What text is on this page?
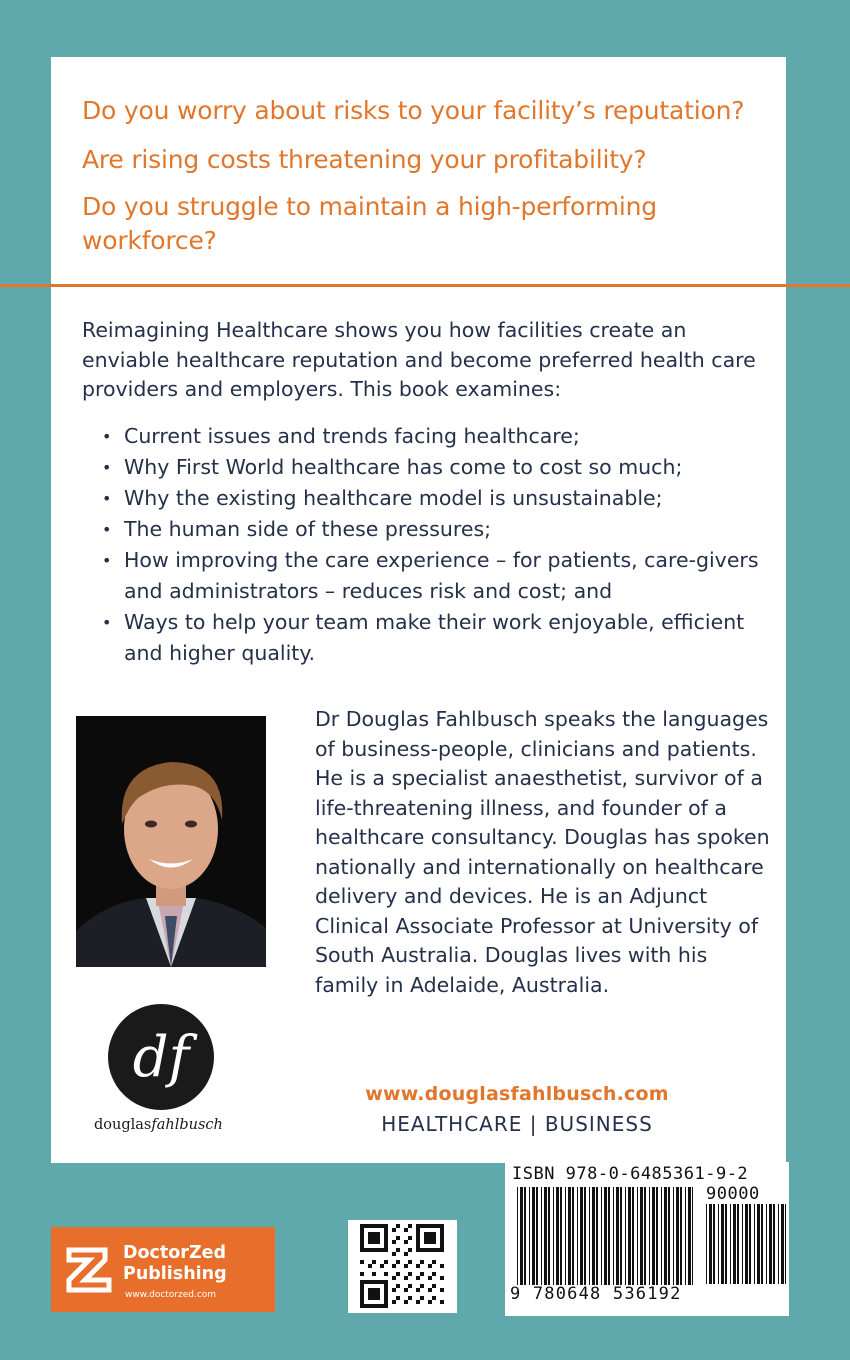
Do you worry about risks to your facility’s reputation?
Are rising costs threatening your profitability?
Do you struggle to maintain a high-performing workforce?
Reimagining Healthcare shows you how facilities create an enviable healthcare reputation and become preferred health care providers and employers. This book examines:
• Current issues and trends facing healthcare;
• Why First World healthcare has come to cost so much;
• Why the existing healthcare model is unsustainable;
• The human side of these pressures;
• How improving the care experience – for patients, care-givers and administrators – reduces risk and cost; and
• Ways to help your team make their work enjoyable, efficient and higher quality.
Dr Douglas Fahlbusch speaks the languages of business-people, clinicians and patients. He is a specialist anaesthetist, survivor of a life-threatening illness, and founder of a healthcare consultancy. Douglas has spoken nationally and internationally on healthcare delivery and devices. He is an Adjunct Clinical Associate Professor at University of South Australia. Douglas lives with his family in Adelaide, Australia.
df
douglasfahlbusch
www.douglasfahlbusch.com
HEALTHCARE | BUSINESS
DoctorZed
Publishing
www.doctorzed.com
ISBN 978-0-6485361-9-2
90000
9 780648 536192
